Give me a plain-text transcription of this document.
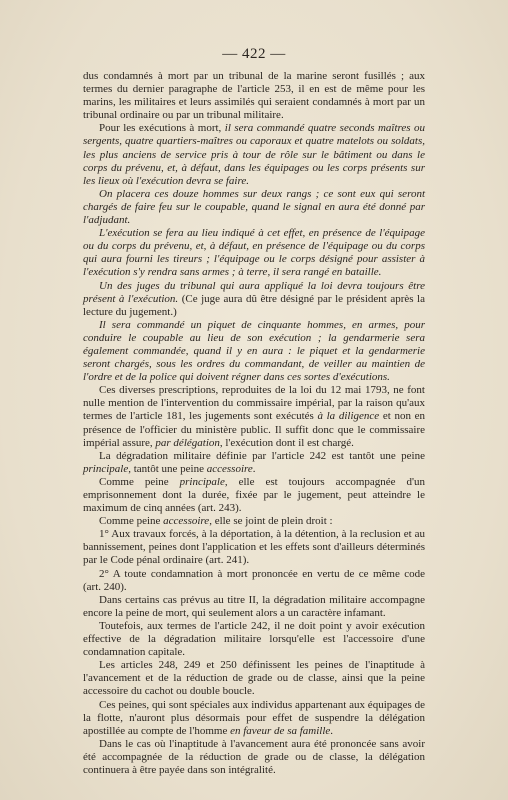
— 422 —

dus condamnés à mort par un tribunal de la marine seront fusillés ; aux termes du dernier paragraphe de l'article 253, il en est de même pour les marins, les militaires et leurs assimilés qui seraient condamnés à mort par un tribunal ordinaire ou par un tribunal militaire.

Pour les exécutions à mort, il sera commandé quatre seconds maîtres ou sergents, quatre quartiers-maîtres ou caporaux et quatre matelots ou soldats, les plus anciens de service pris à tour de rôle sur le bâtiment ou dans le corps du prévenu, et, à défaut, dans les équipages ou les corps présents sur les lieux où l'exécution devra se faire.

On placera ces douze hommes sur deux rangs ; ce sont eux qui seront chargés de faire feu sur le coupable, quand le signal en aura été donné par l'adjudant.

L'exécution se fera au lieu indiqué à cet effet, en présence de l'équipage ou du corps du prévenu, et, à défaut, en présence de l'équipage ou du corps qui aura fourni les tireurs ; l'équipage ou le corps désigné pour assister à l'exécution s'y rendra sans armes ; à terre, il sera rangé en bataille.

Un des juges du tribunal qui aura appliqué la loi devra toujours être présent à l'exécution. (Ce juge aura dû être désigné par le président après la lecture du jugement.)

Il sera commandé un piquet de cinquante hommes, en armes, pour conduire le coupable au lieu de son exécution ; la gendarmerie sera également commandée, quand il y en aura : le piquet et la gendarmerie seront chargés, sous les ordres du commandant, de veiller au maintien de l'ordre et de la police qui doivent régner dans ces sortes d'exécutions.

Ces diverses prescriptions, reproduites de la loi du 12 mai 1793, ne font nulle mention de l'intervention du commissaire impérial, par la raison qu'aux termes de l'article 181, les jugements sont exécutés à la diligence et non en présence de l'officier du ministère public. Il suffit donc que le commissaire impérial assure, par délégation, l'exécution dont il est chargé.

La dégradation militaire définie par l'article 242 est tantôt une peine principale, tantôt une peine accessoire.

Comme peine principale, elle est toujours accompagnée d'un emprisonnement dont la durée, fixée par le jugement, peut atteindre le maximum de cinq années (art. 243).

Comme peine accessoire, elle se joint de plein droit :

1° Aux travaux forcés, à la déportation, à la détention, à la reclusion et au bannissement, peines dont l'application et les effets sont d'ailleurs déterminés par le Code pénal ordinaire (art. 241).

2° A toute condamnation à mort prononcée en vertu de ce même code (art. 240).

Dans certains cas prévus au titre II, la dégradation militaire accompagne encore la peine de mort, qui seulement alors a un caractère infamant.

Toutefois, aux termes de l'article 242, il ne doit point y avoir exécution effective de la dégradation militaire lorsqu'elle est l'accessoire d'une condamnation capitale.

Les articles 248, 249 et 250 définissent les peines de l'inaptitude à l'avancement et de la réduction de grade ou de classe, ainsi que la peine accessoire du cachot ou double boucle.

Ces peines, qui sont spéciales aux individus appartenant aux équipages de la flotte, n'auront plus désormais pour effet de suspendre la délégation apostillée au compte de l'homme en faveur de sa famille.

Dans le cas où l'inaptitude à l'avancement aura été prononcée sans avoir été accompagnée de la réduction de grade ou de classe, la délégation continuera à être payée dans son intégralité.
